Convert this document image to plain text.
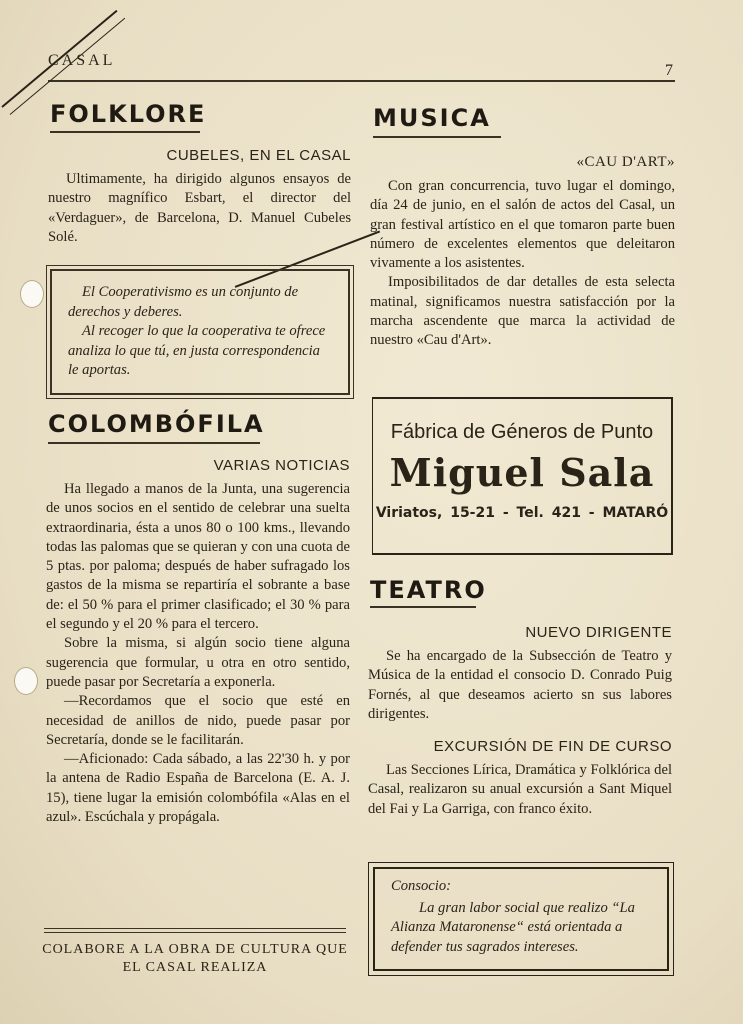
CASAL
7
FOLKLORE
CUBELES, EN EL CASAL

Ultimamente, ha dirigido algunos ensayos de nuestro magnífico Esbart, el director del «Verdaguer», de Barcelona, D. Manuel Cubeles Solé.

El Cooperativismo es un conjunto de derechos y deberes.

Al recoger lo que la cooperativa te ofrece analiza lo que tú, en justa correspondencia le aportas.

COLOMBÓFILA
VARIAS NOTICIAS

Ha llegado a manos de la Junta, una sugerencia de unos socios en el sentido de celebrar una suelta extraordinaria, ésta a unos 80 o 100 kms., llevando todas las palomas que se quieran y con una cuota de 5 ptas. por paloma; después de haber sufragado los gastos de la misma se repartiría el sobrante a base de: el 50 % para el primer clasificado; el 30 % para el segundo y el 20 % para el tercero.

Sobre la misma, si algún socio tiene alguna sugerencia que formular, u otra en otro sentido, puede pasar por Secretaría a exponerla.

—Recordamos que el socio que esté en necesidad de anillos de nido, puede pasar por Secretaría, donde se le facilitarán.

—Aficionado: Cada sábado, a las 22'30 h. y por la antena de Radio España de Barcelona (E. A. J. 15), tiene lugar la emisión colombófila «Alas en el azul». Escúchala y propágala.

COLABORE A LA OBRA DE CULTURA QUE
EL CASAL REALIZA
MUSICA
«CAU D'ART»

Con gran concurrencia, tuvo lugar el domingo, día 24 de junio, en el salón de actos del Casal, un gran festival artístico en el que tomaron parte buen número de excelentes elementos que deleitaron vivamente a los asistentes.

Imposibilitados de dar detalles de esta selecta matinal, significamos nuestra satisfacción por la marcha ascendente que marca la actividad de nuestro «Cau d'Art».

Fábrica de Géneros de Punto
Miguel Sala
Viriatos, 15-21 - Tel. 421 - MATARÓ
TEATRO
NUEVO DIRIGENTE

Se ha encargado de la Subsección de Teatro y Música de la entidad el consocio D. Conrado Puig Fornés, al que deseamos acierto sn sus labores dirigentes.

EXCURSIÓN DE FIN DE CURSO

Las Secciones Lírica, Dramática y Folklórica del Casal, realizaron su anual excursión a Sant Miquel del Fai y La Garriga, con franco éxito.

Consocio:

La gran labor social que realizo “La Alianza Mataronense“ está orientada a defender tus sagrados intereses.
